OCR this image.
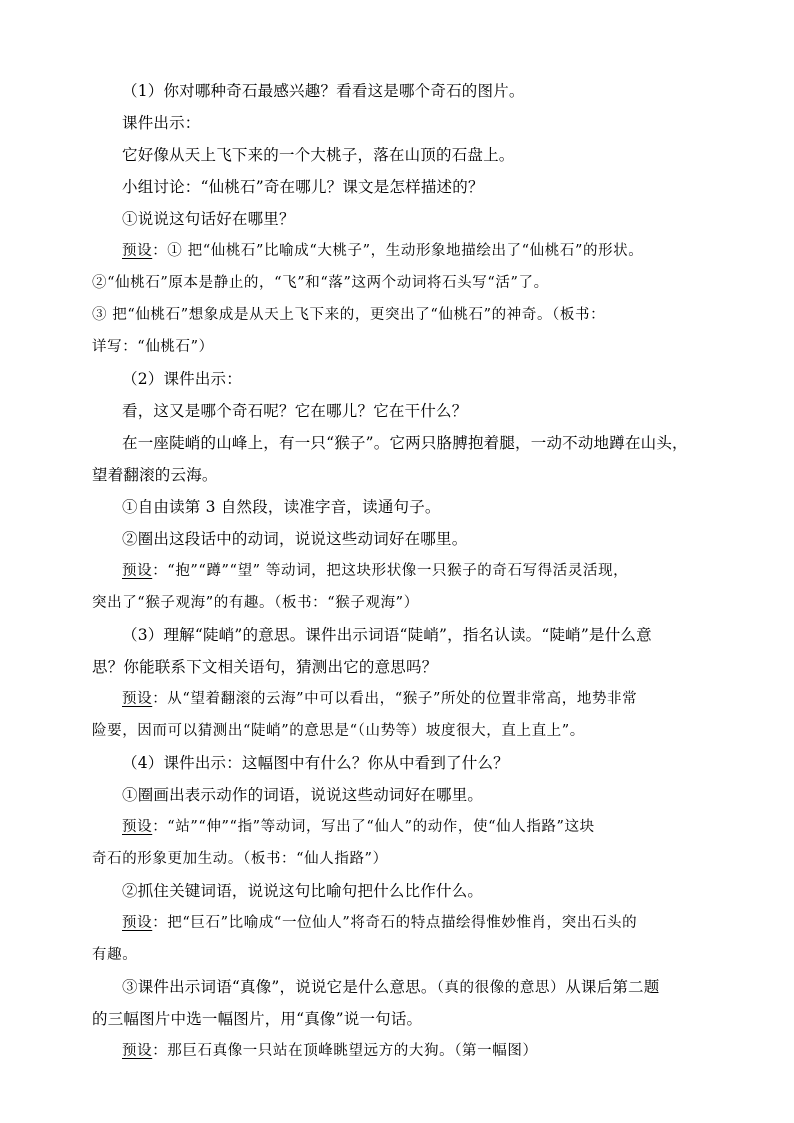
（1）你对哪种奇石最感兴趣？看看这是哪个奇石的图片。
课件出示：
它好像从天上飞下来的一个大桃子，落在山顶的石盘上。
小组讨论：“仙桃石”奇在哪儿？课文是怎样描述的？
①说说这句话好在哪里？
预设：① 把“仙桃石”比喻成“大桃子”，生动形象地描绘出了“仙桃石”的形状。
②“仙桃石”原本是静止的，“飞”和“落”这两个动词将石头写“活”了。
③ 把“仙桃石”想象成是从天上飞下来的，更突出了“仙桃石”的神奇。（板书：
详写：“仙桃石”）
（2）课件出示：
看，这又是哪个奇石呢？它在哪儿？它在干什么？
在一座陡峭的山峰上，有一只“猴子”。它两只胳膊抱着腿，一动不动地蹲在山头，
望着翻滚的云海。
①自由读第 3 自然段，读准字音，读通句子。
②圈出这段话中的动词，说说这些动词好在哪里。
预设：“抱”“蹲”“望” 等动词，把这块形状像一只猴子的奇石写得活灵活现，
突出了“猴子观海”的有趣。（板书：“猴子观海”）
（3）理解“陡峭”的意思。课件出示词语“陡峭”，指名认读。“陡峭”是什么意
思？你能联系下文相关语句，猜测出它的意思吗？
预设：从“望着翻滚的云海”中可以看出，“猴子”所处的位置非常高，地势非常
险要，因而可以猜测出“陡峭”的意思是“（山势等）坡度很大，直上直上”。
（4）课件出示：这幅图中有什么？你从中看到了什么？
①圈画出表示动作的词语，说说这些动词好在哪里。
预设：“站”“伸”“指”等动词，写出了“仙人”的动作，使“仙人指路”这块
奇石的形象更加生动。（板书：“仙人指路”）
②抓住关键词语，说说这句比喻句把什么比作什么。
预设：把“巨石”比喻成“一位仙人”将奇石的特点描绘得惟妙惟肖，突出石头的
有趣。
③课件出示词语“真像”，说说它是什么意思。（真的很像的意思）从课后第二题
的三幅图片中选一幅图片，用“真像”说一句话。
预设：那巨石真像一只站在顶峰眺望远方的大狗。（第一幅图）
